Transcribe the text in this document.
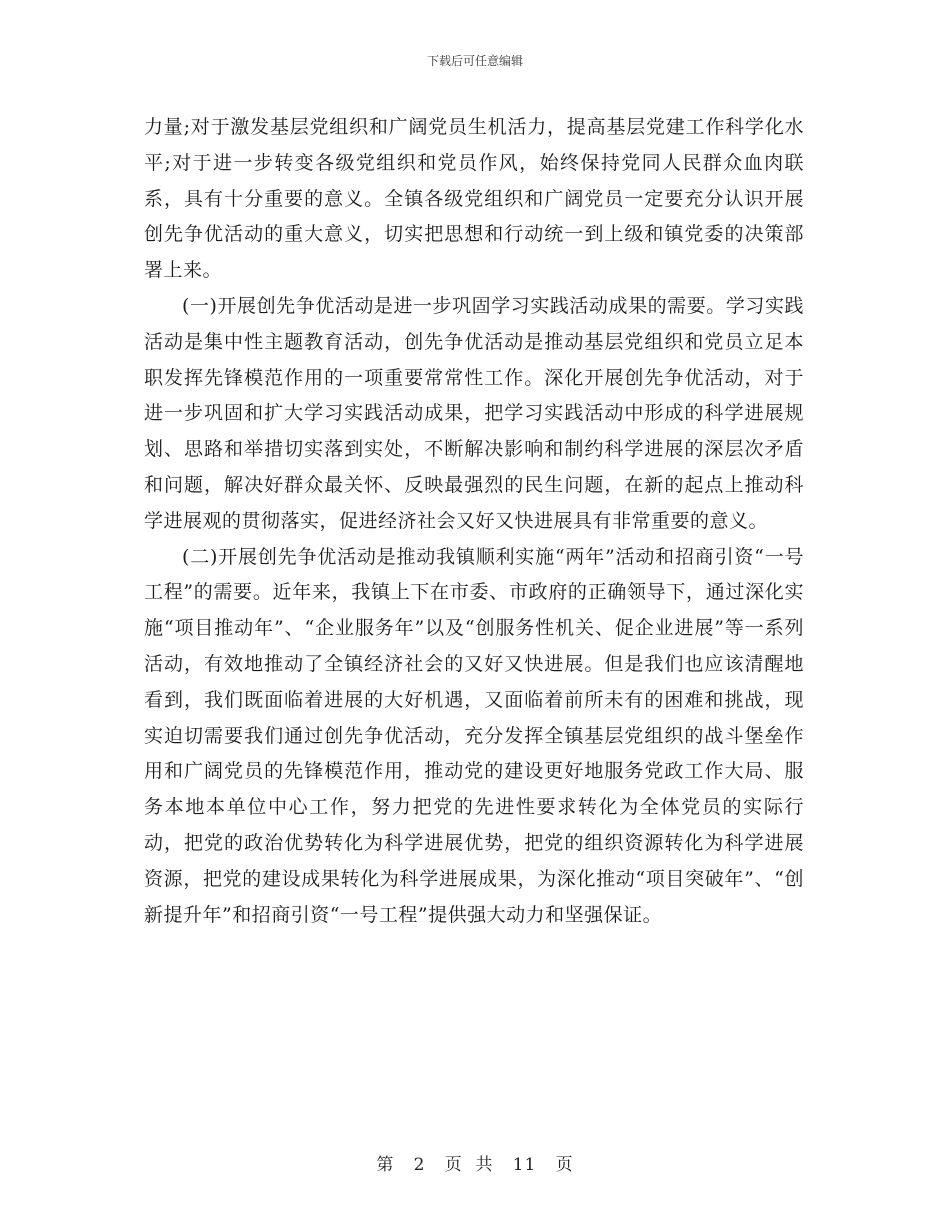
下载后可任意编辑

力量;对于激发基层党组织和广阔党员生机活力，提高基层党建工作科学化水平;对于进一步转变各级党组织和党员作风，始终保持党同人民群众血肉联系，具有十分重要的意义。全镇各级党组织和广阔党员一定要充分认识开展创先争优活动的重大意义，切实把思想和行动统一到上级和镇党委的决策部署上来。

(一)开展创先争优活动是进一步巩固学习实践活动成果的需要。学习实践活动是集中性主题教育活动，创先争优活动是推动基层党组织和党员立足本职发挥先锋模范作用的一项重要常常性工作。深化开展创先争优活动，对于进一步巩固和扩大学习实践活动成果，把学习实践活动中形成的科学进展规划、思路和举措切实落到实处，不断解决影响和制约科学进展的深层次矛盾和问题，解决好群众最关怀、反映最强烈的民生问题，在新的起点上推动科学进展观的贯彻落实，促进经济社会又好又快进展具有非常重要的意义。

(二)开展创先争优活动是推动我镇顺利实施“两年”活动和招商引资“一号工程”的需要。近年来，我镇上下在市委、市政府的正确领导下，通过深化实施“项目推动年”、“企业服务年”以及“创服务性机关、促企业进展”等一系列活动，有效地推动了全镇经济社会的又好又快进展。但是我们也应该清醒地看到，我们既面临着进展的大好机遇，又面临着前所未有的困难和挑战，现实迫切需要我们通过创先争优活动，充分发挥全镇基层党组织的战斗堡垒作用和广阔党员的先锋模范作用，推动党的建设更好地服务党政工作大局、服务本地本单位中心工作，努力把党的先进性要求转化为全体党员的实际行动，把党的政治优势转化为科学进展优势，把党的组织资源转化为科学进展资源，把党的建设成果转化为科学进展成果，为深化推动“项目突破年”、“创新提升年”和招商引资“一号工程”提供强大动力和坚强保证。

第 2 页  共 11 页
